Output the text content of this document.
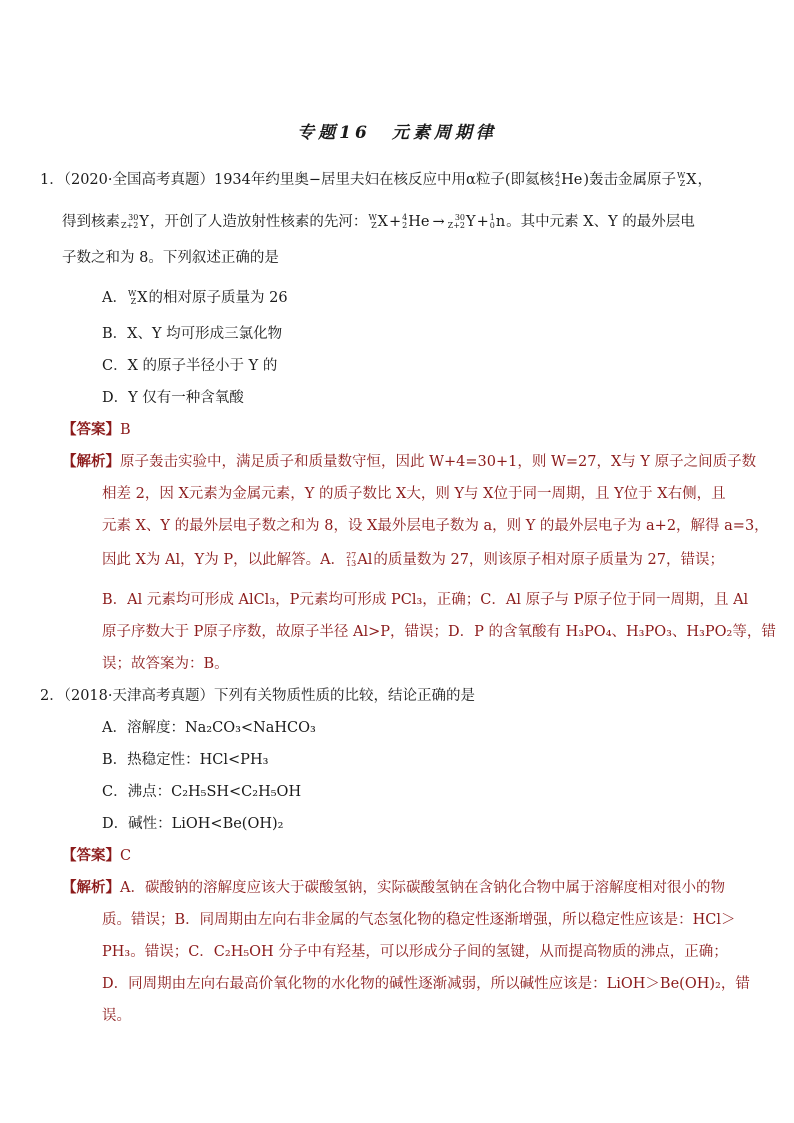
专题16　元素周期律
1．（2020·全国高考真题）1934年约里奥−居里夫妇在核反应中用α粒子(即氦核 4
2 He )轰击金属原子 W
Z X ，
得到核素 30
Z+2 Y ，开创了人造放射性核素的先河： W
Z X + 4
2 He → 30
Z+2 Y + 1
0 n 。其中元素 X、Y 的最外层电
子数之和为 8。下列叙述正确的是
A． W
Z X 的相对原子质量为 26
B．X、Y 均可形成三氯化物
C．X 的原子半径小于 Y 的
D．Y 仅有一种含氧酸
【答案】B
【解析】原子轰击实验中，满足质子和质量数守恒，因此 W+4=30+1，则 W=27，X与 Y 原子之间质子数
相差 2，因 X元素为金属元素，Y 的质子数比 X大，则 Y与 X位于同一周期，且 Y位于 X右侧，且
元素 X、Y 的最外层电子数之和为 8，设 X最外层电子数为 a，则 Y 的最外层电子为 a+2，解得 a=3，
因此 X为 Al，Y为 P，以此解答。A． 27
13 Al 的质量数为 27，则该原子相对原子质量为 27，错误；
B．Al 元素均可形成 AlCl₃，P元素均可形成 PCl₃，正确；C．Al 原子与 P原子位于同一周期，且 Al
原子序数大于 P原子序数，故原子半径 Al>P，错误；D．P 的含氧酸有 H₃PO₄、H₃PO₃、H₃PO₂等，错
误；故答案为：B。
2．（2018·天津高考真题）下列有关物质性质的比较，结论正确的是
A．溶解度：Na₂CO₃<NaHCO₃
B．热稳定性：HCl<PH₃
C．沸点：C₂H₅SH<C₂H₅OH
D．碱性：LiOH<Be(OH)₂
【答案】C
【解析】A．碳酸钠的溶解度应该大于碳酸氢钠，实际碳酸氢钠在含钠化合物中属于溶解度相对很小的物
质。错误；B．同周期由左向右非金属的气态氢化物的稳定性逐渐增强，所以稳定性应该是：HCl＞
PH₃。错误；C．C₂H₅OH 分子中有羟基，可以形成分子间的氢键，从而提高物质的沸点，正确；
D．同周期由左向右最高价氧化物的水化物的碱性逐渐减弱，所以碱性应该是：LiOH＞Be(OH)₂，错
误。
